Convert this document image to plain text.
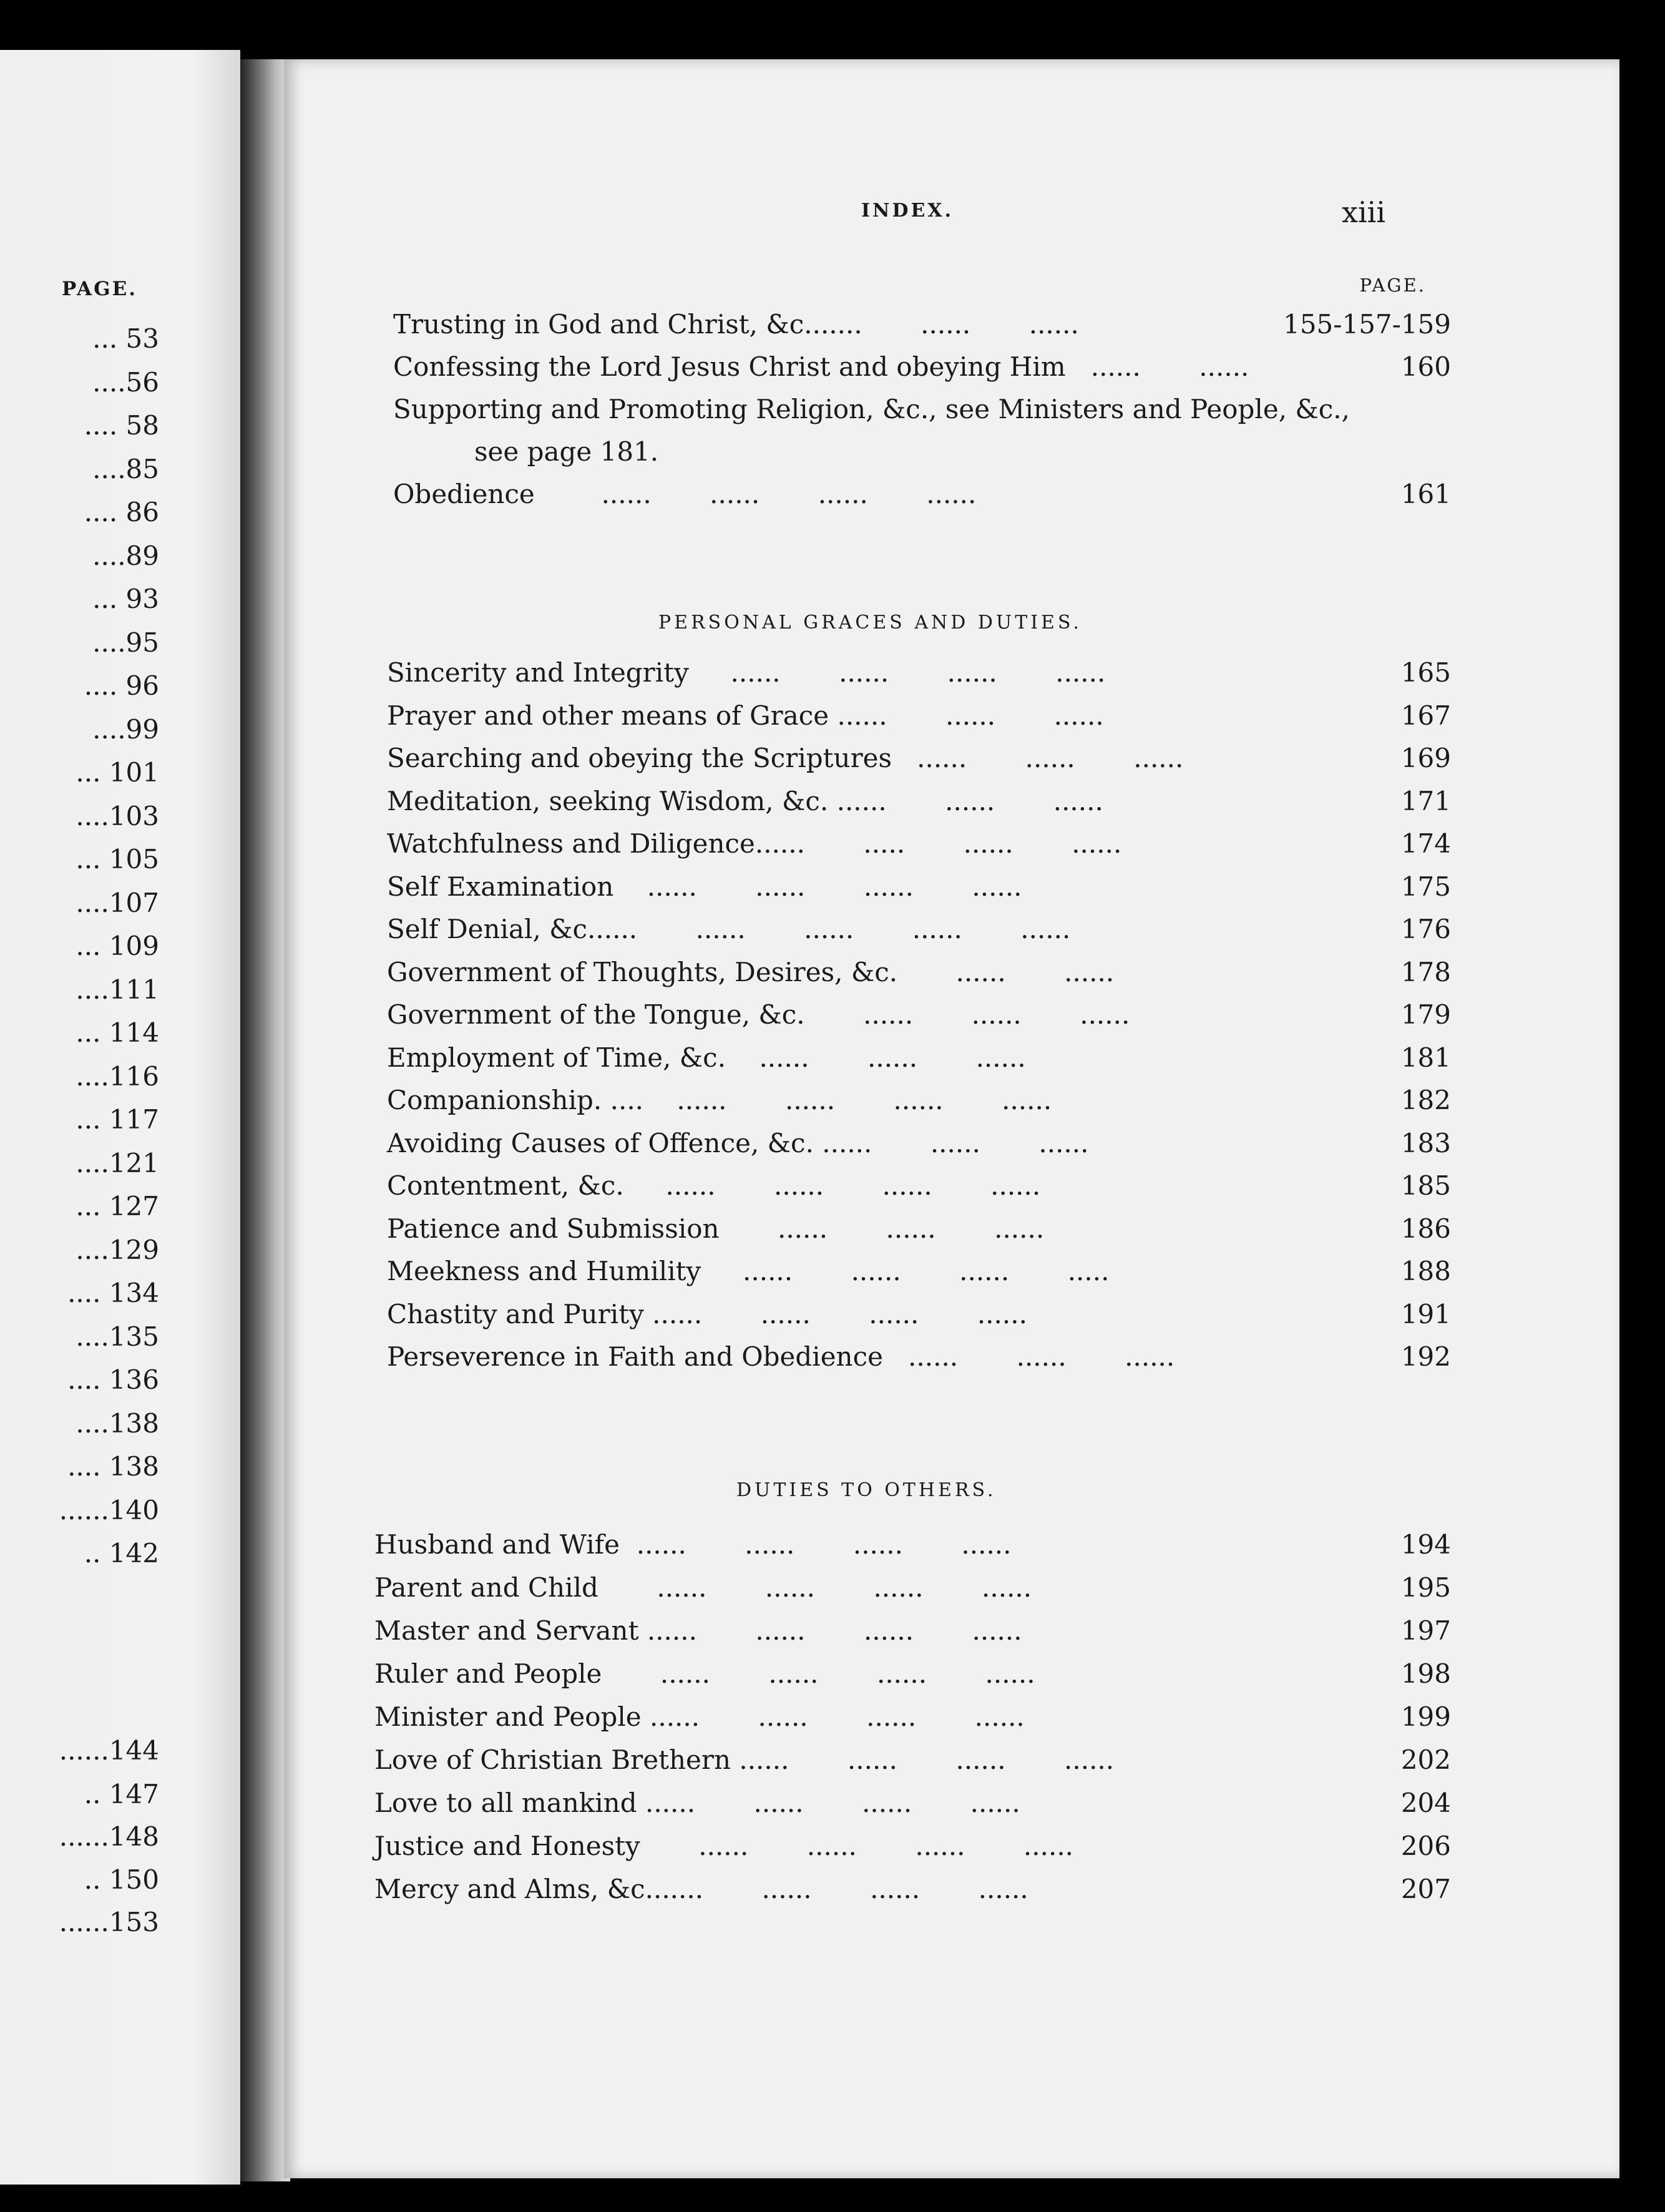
PAGE.
... 53
....56
.... 58
....85
.... 86
....89
... 93
....95
.... 96
....99
... 101
....103
... 105
....107
... 109
....111
... 114
....116
... 117
....121
... 127
....129
.... 134
....135
.... 136
....138
.... 138
......140
.. 142
......144
.. 147
......148
.. 150
......153
INDEX.	xiii
PAGE.
Trusting in God and Christ, &c.......       ......       ......	155-157-159
Confessing the Lord Jesus Christ and obeying Him   ......       ......	160
Supporting and Promoting Religion, &c., see Ministers and People, &c.,
see page 181.
Obedience        ......       ......       ......       ......	161
PERSONAL GRACES AND DUTIES.
Sincerity and Integrity     ......       ......       ......       ......	165
Prayer and other means of Grace ......       ......       ......	167
Searching and obeying the Scriptures   ......       ......       ......	169
Meditation, seeking Wisdom, &c. ......       ......       ......	171
Watchfulness and Diligence......       .....       ......       ......	174
Self Examination    ......       ......       ......       ......	175
Self Denial, &c......       ......       ......       ......       ......	176
Government of Thoughts, Desires, &c.       ......       ......	178
Government of the Tongue, &c.       ......       ......       ......	179
Employment of Time, &c.    ......       ......       ......	181
Companionship. ....    ......       ......       ......       ......	182
Avoiding Causes of Offence, &c. ......       ......       ......	183
Contentment, &c.     ......       ......       ......       ......	185
Patience and Submission       ......       ......       ......	186
Meekness and Humility     ......       ......       ......       .....	188
Chastity and Purity ......       ......       ......       ......	191
Perseverence in Faith and Obedience   ......       ......       ......	192
DUTIES TO OTHERS.
Husband and Wife  ......       ......       ......       ......	194
Parent and Child       ......       ......       ......       ......	195
Master and Servant ......       ......       ......       ......	197
Ruler and People       ......       ......       ......       ......	198
Minister and People ......       ......       ......       ......	199
Love of Christian Brethern ......       ......       ......       ......	202
Love to all mankind ......       ......       ......       ......	204
Justice and Honesty       ......       ......       ......       ......	206
Mercy and Alms, &c.......       ......       ......       ......	207
